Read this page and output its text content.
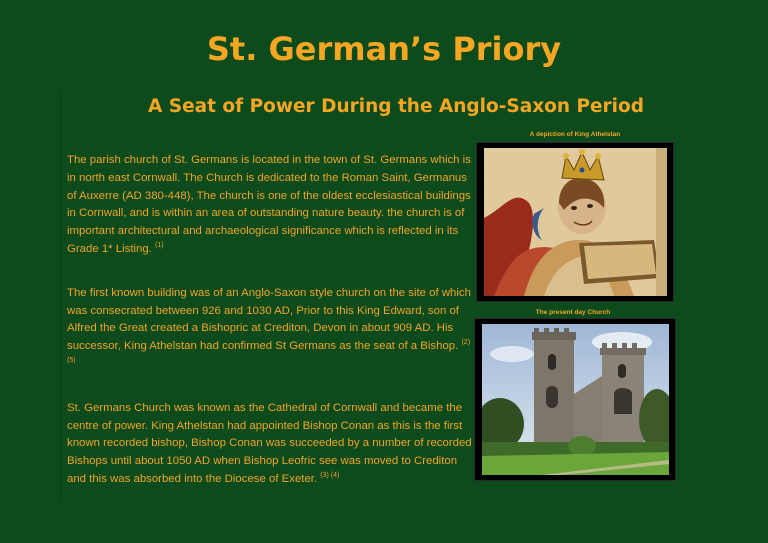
St. German’s Priory
A Seat of Power During the Anglo-Saxon Period

The parish church of St. Germans is located in the town of St. Germans which is in north east Cornwall. The Church is dedicated to the Roman Saint, Germanus of Auxerre (AD 380-448), The church is one of the oldest ecclesiastical buildings in Cornwall, and is within an area of outstanding nature beauty. the church is of important architectural and archaeological significance which is reflected in its Grade 1* Listing. $^{(1)}$

The first known building was of an Anglo-Saxon style church on the site of which was consecrated between 926 and 1030 AD, Prior to this King Edward, son of Alfred the Great created a Bishopric at Crediton, Devon in about 909 AD. His successor, King Athelstan had confirmed St Germans as the seat of a Bishop. $^{(2) (5)}$

St. Germans Church was known as the Cathedral of Cornwall and became the centre of power. King Athelstan had appointed Bishop Conan as this is the first known recorded bishop, Bishop Conan was succeeded by a number of recorded Bishops until about 1050 AD when Bishop Leofric see was moved to Crediton and this was absorbed into the Diocese of Exeter. $^{(3) (4)}$

A depiction of King Athelstan
The present day Church
